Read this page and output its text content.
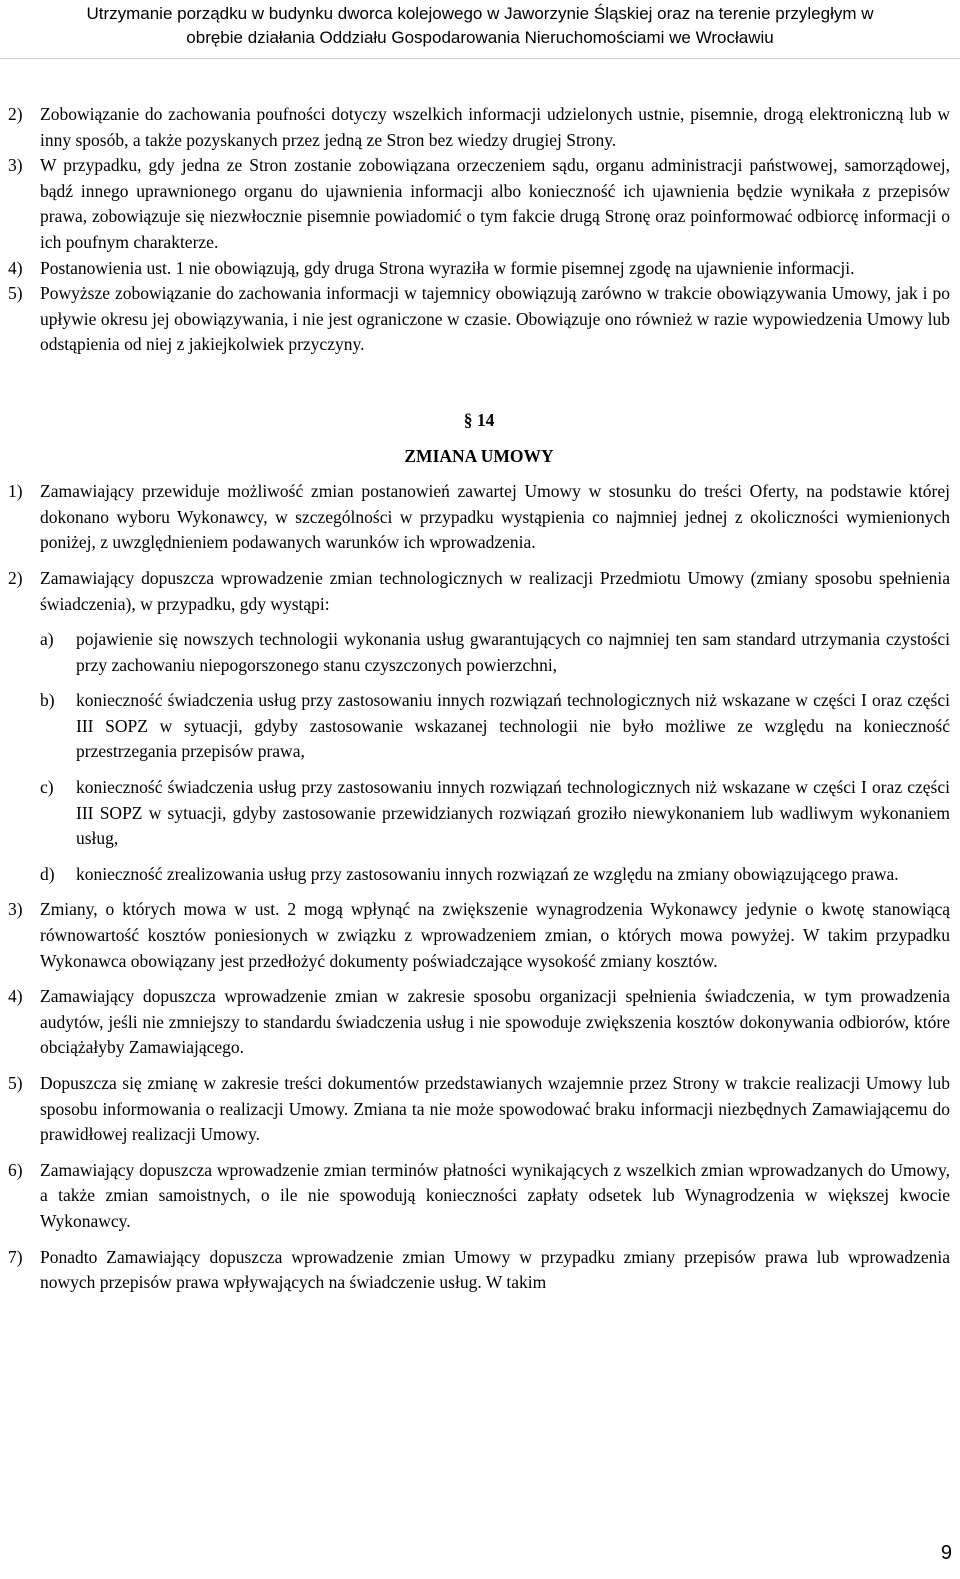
Utrzymanie porządku w budynku dworca kolejowego w Jaworzynie Śląskiej oraz na terenie przyległym w
obrębie działania Oddziału Gospodarowania Nieruchomościami we Wrocławiu
2) Zobowiązanie do zachowania poufności dotyczy wszelkich informacji udzielonych ustnie, pisemnie, drogą elektroniczną lub w inny sposób, a także pozyskanych przez jedną ze Stron bez wiedzy drugiej Strony.
3) W przypadku, gdy jedna ze Stron zostanie zobowiązana orzeczeniem sądu, organu administracji państwowej, samorządowej, bądź innego uprawnionego organu do ujawnienia informacji albo konieczność ich ujawnienia będzie wynikała z przepisów prawa, zobowiązuje się niezwłocznie pisemnie powiadomić o tym fakcie drugą Stronę oraz poinformować odbiorcę informacji o ich poufnym charakterze.
4) Postanowienia ust. 1 nie obowiązują, gdy druga Strona wyraziła w formie pisemnej zgodę na ujawnienie informacji.
5) Powyższe zobowiązanie do zachowania informacji w tajemnicy obowiązują zarówno w trakcie obowiązywania Umowy, jak i po upływie okresu jej obowiązywania, i nie jest ograniczone w czasie. Obowiązuje ono również w razie wypowiedzenia Umowy lub odstąpienia od niej z jakiejkolwiek przyczyny.
§ 14
ZMIANA UMOWY
1) Zamawiający przewiduje możliwość zmian postanowień zawartej Umowy w stosunku do treści Oferty, na podstawie której dokonano wyboru Wykonawcy, w szczególności w przypadku wystąpienia co najmniej jednej z okoliczności wymienionych poniżej, z uwzględnieniem podawanych warunków ich wprowadzenia.
2) Zamawiający dopuszcza wprowadzenie zmian technologicznych w realizacji Przedmiotu Umowy (zmiany sposobu spełnienia świadczenia), w przypadku, gdy wystąpi:
a) pojawienie się nowszych technologii wykonania usług gwarantujących co najmniej ten sam standard utrzymania czystości przy zachowaniu niepogorszonego stanu czyszczonych powierzchni,
b) konieczność świadczenia usług przy zastosowaniu innych rozwiązań technologicznych niż wskazane w części I oraz części III SOPZ w sytuacji, gdyby zastosowanie wskazanej technologii nie było możliwe ze względu na konieczność przestrzegania przepisów prawa,
c) konieczność świadczenia usług przy zastosowaniu innych rozwiązań technologicznych niż wskazane w części I oraz części III SOPZ w sytuacji, gdyby zastosowanie przewidzianych rozwiązań groziło niewykonaniem lub wadliwym wykonaniem usług,
d) konieczność zrealizowania usług przy zastosowaniu innych rozwiązań ze względu na zmiany obowiązującego prawa.
3) Zmiany, o których mowa w ust. 2 mogą wpłynąć na zwiększenie wynagrodzenia Wykonawcy jedynie o kwotę stanowiącą równowartość kosztów poniesionych w związku z wprowadzeniem zmian, o których mowa powyżej. W takim przypadku Wykonawca obowiązany jest przedłożyć dokumenty poświadczające wysokość zmiany kosztów.
4) Zamawiający dopuszcza wprowadzenie zmian w zakresie sposobu organizacji spełnienia świadczenia, w tym prowadzenia audytów, jeśli nie zmniejszy to standardu świadczenia usług i nie spowoduje zwiększenia kosztów dokonywania odbiorów, które obciążałyby Zamawiającego.
5) Dopuszcza się zmianę w zakresie treści dokumentów przedstawianych wzajemnie przez Strony w trakcie realizacji Umowy lub sposobu informowania o realizacji Umowy. Zmiana ta nie może spowodować braku informacji niezbędnych Zamawiającemu do prawidłowej realizacji Umowy.
6) Zamawiający dopuszcza wprowadzenie zmian terminów płatności wynikających z wszelkich zmian wprowadzanych do Umowy, a także zmian samoistnych, o ile nie spowodują konieczności zapłaty odsetek lub Wynagrodzenia w większej kwocie Wykonawcy.
7) Ponadto Zamawiający dopuszcza wprowadzenie zmian Umowy w przypadku zmiany przepisów prawa lub wprowadzenia nowych przepisów prawa wpływających na świadczenie usług. W takim
9
